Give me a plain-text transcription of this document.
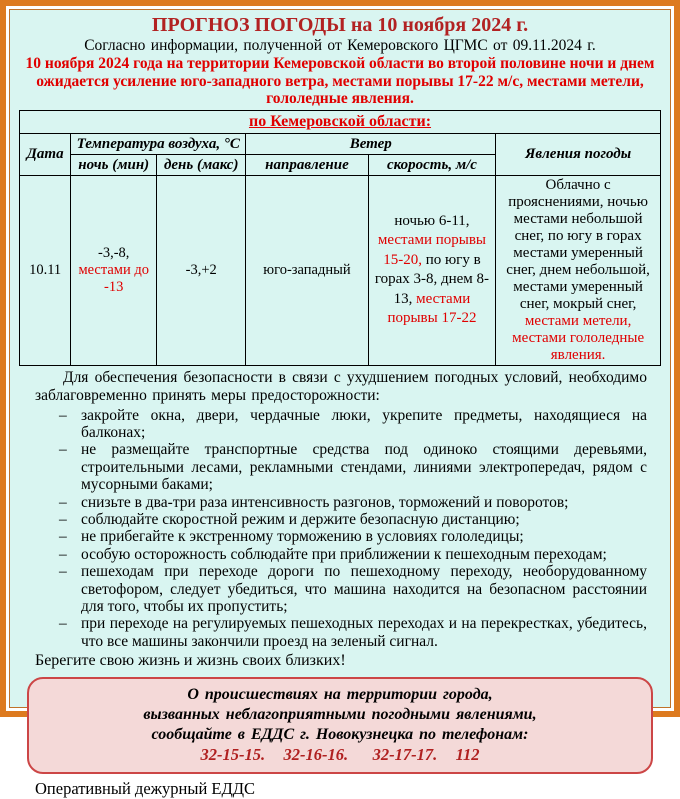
ПРОГНОЗ ПОГОДЫ на 10 ноября 2024 г.

Согласно информации, полученной от Кемеровского ЦГМС от 09.11.2024 г.

10 ноября 2024 года на территории Кемеровской области во второй половине ночи и днем ожидается усиление юго-западного ветра, местами порывы 17-22 м/с, местами метели, гололедные явления.

по Кемеровской области:					
Дата	Температура воздуха, °С		Ветер		Явления погоды
	ночь (мин)	день (макс)	направление	скорость, м/с	
10.11	-3,-8, местами до -13	-3,+2	юго-западный	ночью 6-11, местами порывы 15-20, по югу в горах 3-8, днем 8-13, местами порывы 17-22	Облачно с прояснениями, ночью местами небольшой снег, по югу в горах местами умеренный снег, днем небольшой, местами умеренный снег, мокрый снег, местами метели, местами гололедные явления.

Для обеспечения безопасности в связи с ухудшением погодных условий, необходимо заблаговременно принять меры предосторожности:

– закройте окна, двери, чердачные люки, укрепите предметы, находящиеся на балконах;
– не размещайте транспортные средства под одиноко стоящими деревьями, строительными лесами, рекламными стендами, линиями электропередач, рядом с мусорными баками;
– снизьте в два-три раза интенсивность разгонов, торможений и поворотов;
– соблюдайте скоростной режим и держите безопасную дистанцию;
– не прибегайте к экстренному торможению в условиях гололедицы;
– особую осторожность соблюдайте при приближении к пешеходным переходам;
– пешеходам при переходе дороги по пешеходному переходу, необорудованному светофором, следует убедиться, что машина находится на безопасном расстоянии для того, чтобы их пропустить;
– при переходе на регулируемых пешеходных переходах и на перекрестках, убедитесь, что все машины закончили проезд на зеленый сигнал.

Берегите свою жизнь и жизнь своих близких!

О происшествиях на территории города,

вызванных неблагоприятными погодными явлениями,

сообщайте в ЕДДС г. Новокузнецка по телефонам:

32-15-15.   32-16-16.    32-17-17.   112

Оперативный дежурный ЕДДС
